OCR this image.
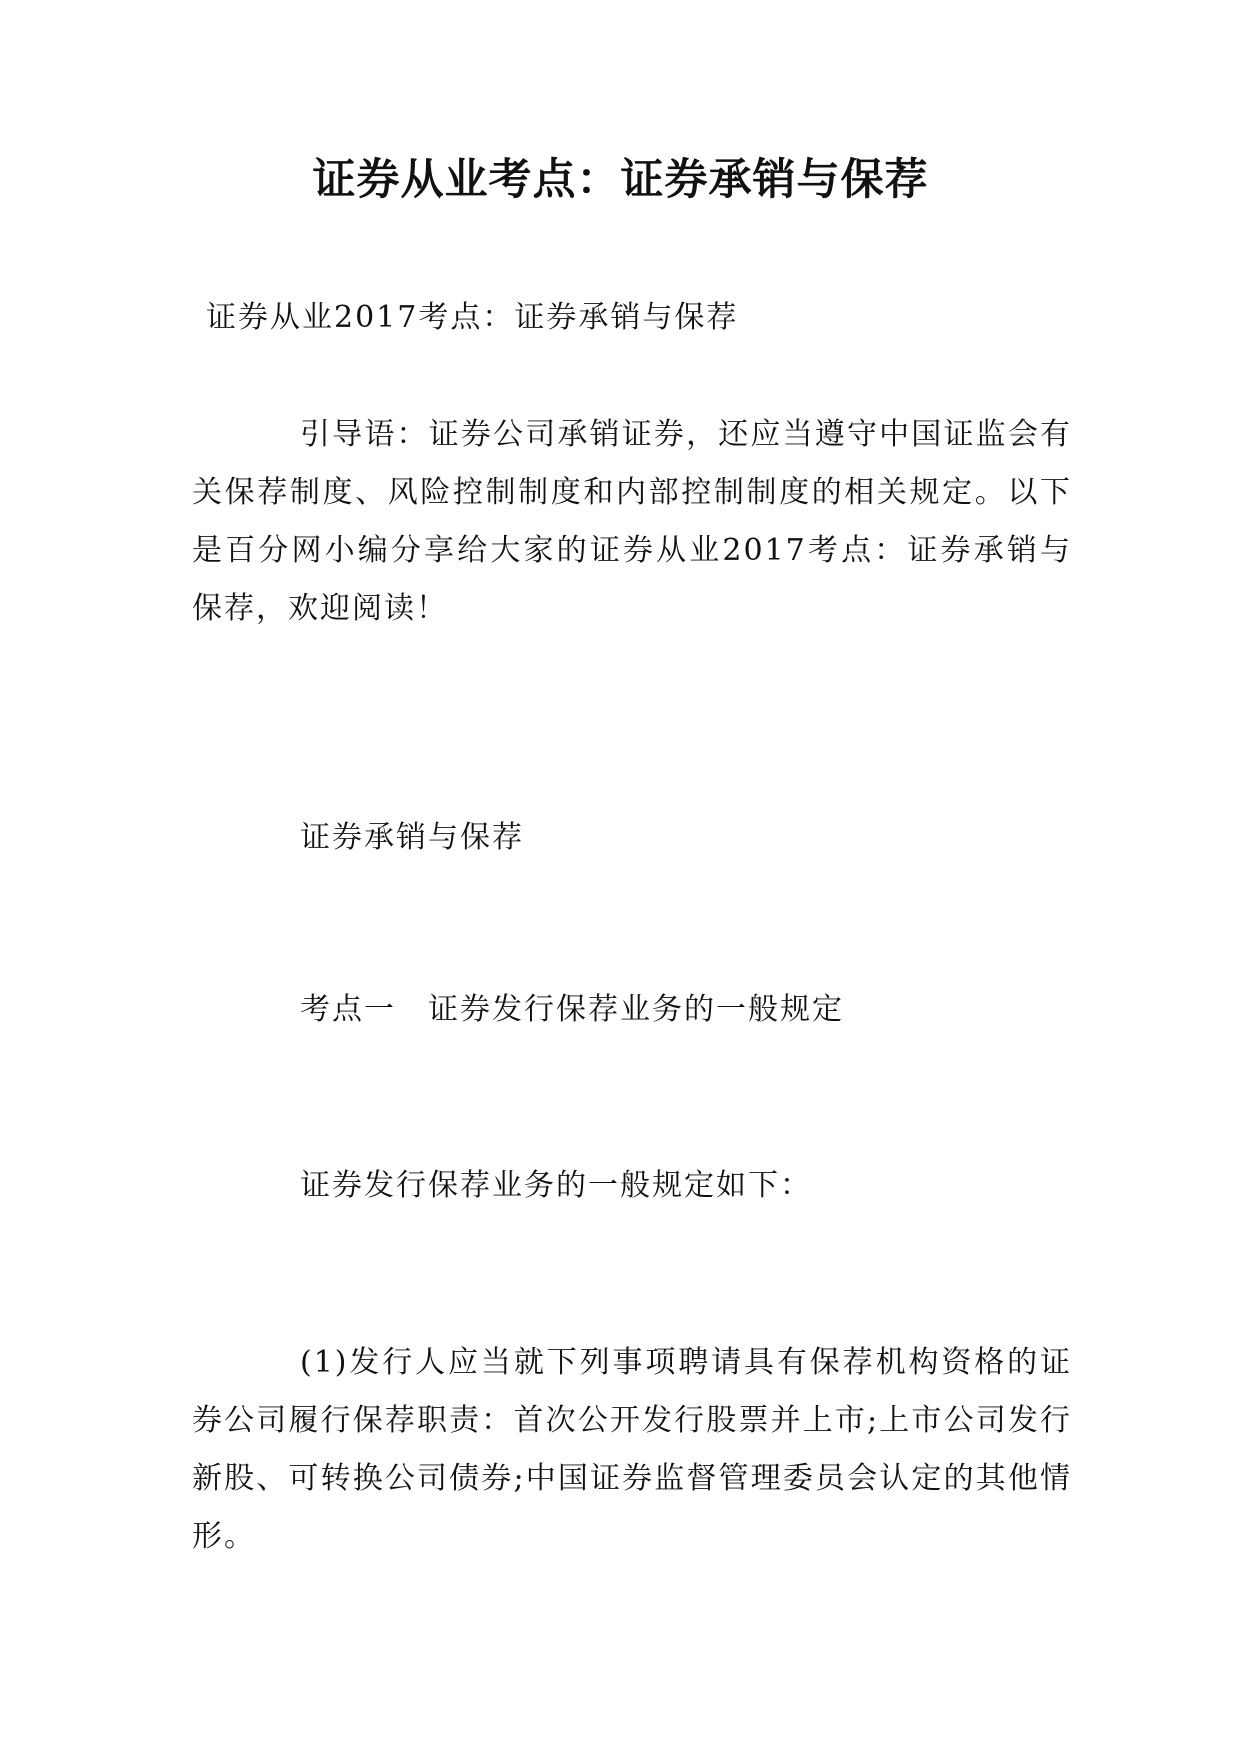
证券从业考点：证券承销与保荐
证券从业2017考点：证券承销与保荐
引导语：证券公司承销证券，还应当遵守中国证监会有关保荐制度、风险控制制度和内部控制制度的相关规定。以下是百分网小编分享给大家的证券从业2017考点：证券承销与保荐，欢迎阅读！
证券承销与保荐
考点一　证券发行保荐业务的一般规定
证券发行保荐业务的一般规定如下：
(1)发行人应当就下列事项聘请具有保荐机构资格的证券公司履行保荐职责：首次公开发行股票并上市;上市公司发行新股、可转换公司债券;中国证券监督管理委员会认定的其他情形。
